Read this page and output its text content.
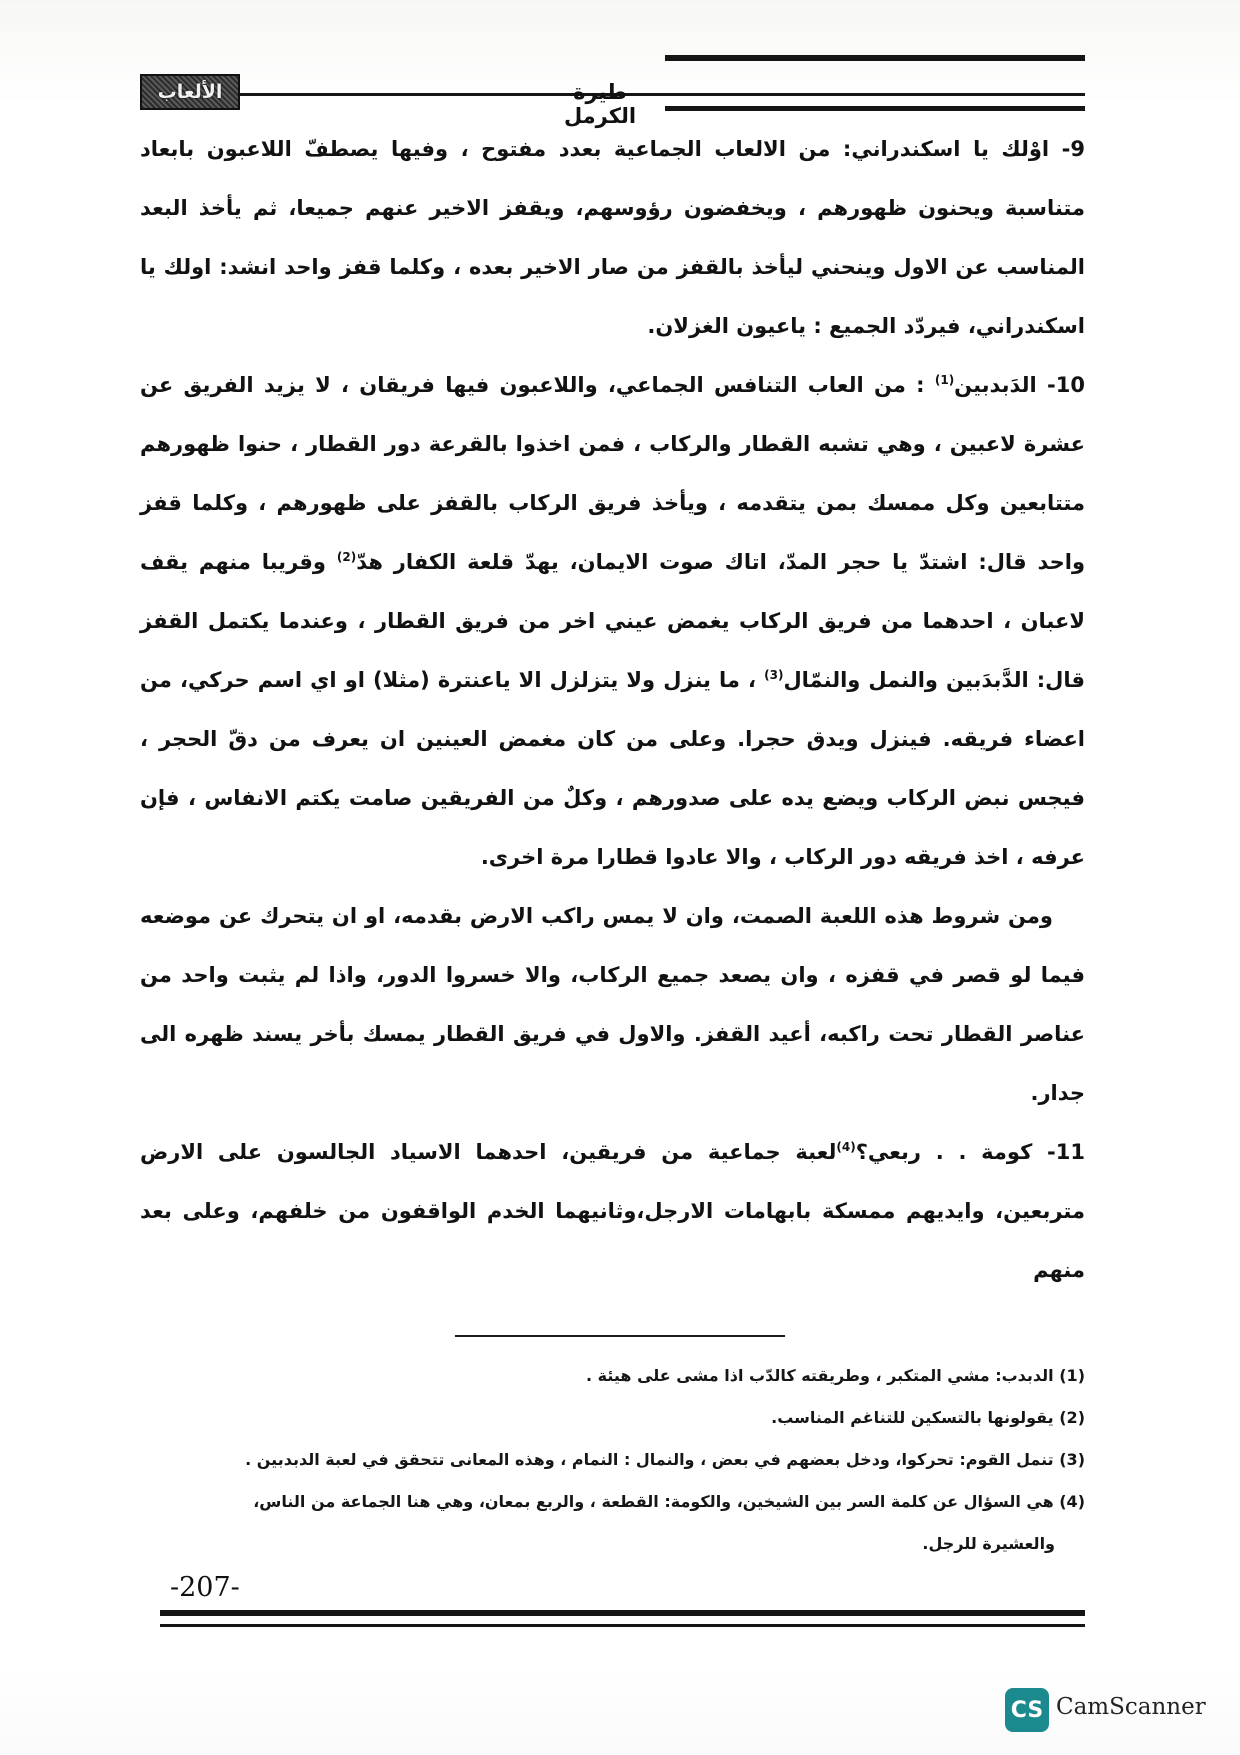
طيرة الكرمل
الألعاب

9- اوْلك يا اسكندراني: من الالعاب الجماعية بعدد مفتوح ، وفيها يصطفّ اللاعبون بابعاد متناسبة ويحنون ظهورهم ، ويخفضون رؤوسهم، ويقفز الاخير عنهم جميعا، ثم يأخذ البعد المناسب عن الاول وينحني ليأخذ بالقفز من صار الاخير بعده ، وكلما قفز واحد انشد: اولك يا اسكندراني، فيردّد الجميع : ياعيون الغزلان.

10- الدَبدبين$^{(1)}$ : من العاب التنافس الجماعي، واللاعبون فيها فريقان ، لا يزيد الفريق عن عشرة لاعبين ، وهي تشبه القطار والركاب ، فمن اخذوا بالقرعة دور القطار ، حنوا ظهورهم متتابعين وكل ممسك بمن يتقدمه ، ويأخذ فريق الركاب بالقفز على ظهورهم ، وكلما قفز واحد قال: اشتدّ يا حجر المدّ، اتاك صوت الايمان، يهدّ قلعة الكفار هدّ$^{(2)}$ وقريبا منهم يقف لاعبان ، احدهما من فريق الركاب يغمض عيني اخر من فريق القطار ، وعندما يكتمل القفز قال: الدَّبدَبين والنمل والنمّال$^{(3)}$ ، ما ينزل ولا يتزلزل الا ياعنترة (مثلا) او اي اسم حركي، من اعضاء فريقه. فينزل ويدق حجرا. وعلى من كان مغمض العينين ان يعرف من دقّ الحجر ، فيجس نبض الركاب ويضع يده على صدورهم ، وكلٌ من الفريقين صامت يكتم الانفاس ، فإن عرفه ، اخذ فريقه دور الركاب ، والا عادوا قطارا مرة اخرى.

ومن شروط هذه اللعبة الصمت، وان لا يمس راكب الارض بقدمه، او ان يتحرك عن موضعه فيما لو قصر في قفزه ، وان يصعد جميع الركاب، والا خسروا الدور، واذا لم يثبت واحد من عناصر القطار تحت راكبه، أعيد القفز. والاول في فريق القطار يمسك بأخر يسند ظهره الى جدار.

11- كومة . . ربعي؟$^{(4)}$لعبة جماعية من فريقين، احدهما الاسياد الجالسون على الارض متربعين، وايديهم ممسكة بابهامات الارجل،وثانيهما الخدم الواقفون من خلفهم، وعلى بعد منهم

(1) الدبدب: مشي المتكبر ، وطريقته كالدّب اذا مشى على هيئة .

(2) يقولونها بالتسكين للتناغم المناسب.

(3) تنمل القوم: تحركوا، ودخل بعضهم في بعض ، والنمال : النمام ، وهذه المعانى تتحقق في لعبة الدبدبين .

(4) هي السؤال عن كلمة السر بين الشيخين، والكومة: القطعة ، والربع بمعان، وهي هنا الجماعة من الناس،

والعشيرة للرجل.

-207-
CS CamScanner
